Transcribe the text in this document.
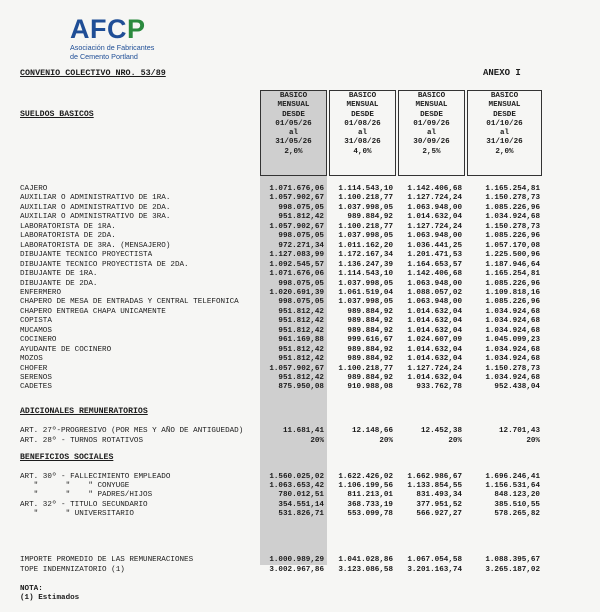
AFCP
Asociación de Fabricantes
de Cemento Portland
CONVENIO COLECTIVO NRO. 53/89	ANEXO I
BASICO
MENSUAL
DESDE
01/05/26
al
31/05/26
2,0%
BASICO
MENSUAL
DESDE
01/08/26
al
31/08/26
4,0%
BASICO
MENSUAL
DESDE
01/09/26
al
30/09/26
2,5%
BASICO
MENSUAL
DESDE
01/10/26
al
31/10/26
2,0%
SUELDOS BASICOS
ADICIONALES REMUNERATORIOS
BENEFICIOS SOCIALES
NOTA:
(1) Estimados
CAJERO	1.071.676,06	1.114.543,10	1.142.406,68	1.165.254,81
AUXILIAR O ADMINISTRATIVO DE 1RA.	1.057.902,67	1.100.218,77	1.127.724,24	1.150.278,73
AUXILIAR O ADMINISTRATIVO DE 2DA.	998.075,05	1.037.998,05	1.063.948,00	1.085.226,96
AUXILIAR O ADMINISTRATIVO DE 3RA.	951.812,42	989.884,92	1.014.632,04	1.034.924,68
LABORATORISTA DE 1RA.	1.057.902,67	1.100.218,77	1.127.724,24	1.150.278,73
LABORATORISTA DE 2DA.	998.075,05	1.037.998,05	1.063.948,00	1.085.226,96
LABORATORISTA DE 3RA. (MENSAJERO)	972.271,34	1.011.162,20	1.036.441,25	1.057.170,08
DIBUJANTE TECNICO PROYECTISTA	1.127.083,99	1.172.167,34	1.201.471,53	1.225.500,96
DIBUJANTE TECNICO PROYECTISTA DE 2DA.	1.092.545,57	1.136.247,39	1.164.653,57	1.187.946,64
DIBUJANTE DE 1RA.	1.071.676,06	1.114.543,10	1.142.406,68	1.165.254,81
DIBUJANTE DE 2DA.	998.075,05	1.037.998,05	1.063.948,00	1.085.226,96
ENFERMERO	1.020.691,39	1.061.519,04	1.088.057,02	1.109.818,16
CHAPERO DE MESA DE ENTRADAS Y CENTRAL TELEFONICA	998.075,05	1.037.998,05	1.063.948,00	1.085.226,96
CHAPERO ENTREGA CHAPA UNICAMENTE	951.812,42	989.884,92	1.014.632,04	1.034.924,68
COPISTA	951.812,42	989.884,92	1.014.632,04	1.034.924,68
MUCAMOS	951.812,42	989.884,92	1.014.632,04	1.034.924,68
COCINERO	961.169,88	999.616,67	1.024.607,09	1.045.099,23
AYUDANTE DE COCINERO	951.812,42	989.884,92	1.014.632,04	1.034.924,68
MOZOS	951.812,42	989.884,92	1.014.632,04	1.034.924,68
CHOFER	1.057.902,67	1.100.218,77	1.127.724,24	1.150.278,73
SERENOS	951.812,42	989.884,92	1.014.632,04	1.034.924,68
CADETES	875.950,08	910.988,08	933.762,78	952.438,04
ART. 27º-PROGRESIVO (POR MES Y AÑO DE ANTIGUEDAD)	11.681,41	12.148,66	12.452,38	12.701,43
ART. 28º - TURNOS ROTATIVOS	20%	20%	20%	20%
ART. 30º - FALLECIMIENTO EMPLEADO	1.560.025,02	1.622.426,02	1.662.986,67	1.696.246,41
"      "    " CONYUGE	1.063.653,42	1.106.199,56	1.133.854,55	1.156.531,64
"      "    " PADRES/HIJOS	780.012,51	811.213,01	831.493,34	848.123,20
ART. 32º - TITULO SECUNDARIO	354.551,14	368.733,19	377.951,52	385.510,55
"      " UNIVERSITARIO	531.826,71	553.099,78	566.927,27	578.265,82
IMPORTE PROMEDIO DE LAS REMUNERACIONES	1.000.989,29	1.041.028,86	1.067.054,58	1.088.395,67
TOPE INDEMNIZATORIO (1)	3.002.967,86	3.123.086,58	3.201.163,74	3.265.187,02
